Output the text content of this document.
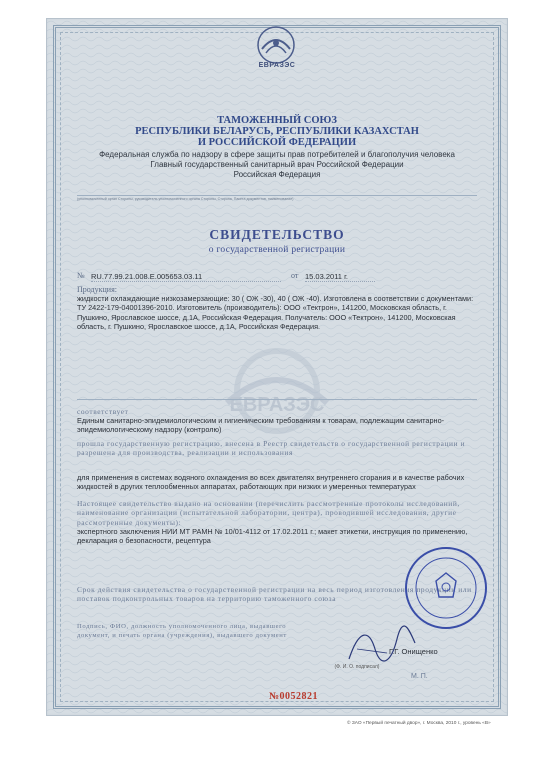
ЕВРАЗЭС
ТАМОЖЕННЫЙ СОЮЗ
РЕСПУБЛИКИ БЕЛАРУСЬ, РЕСПУБЛИКИ КАЗАХСТАН
И РОССИЙСКОЙ ФЕДЕРАЦИИ
Федеральная служба по надзору в сфере защиты прав потребителей и благополучия человека
Главный государственный санитарный врач Российской Федерации
Российская Федерация
(уполномоченный орган Стороны, руководитель уполномоченного органа Стороны, Сторона, Пакета документов, наименование)
СВИДЕТЕЛЬСТВО
о государственной регистрации
№ RU.77.99.21.008.Е.005653.03.11	от 15.03.2011 г.
Продукция:
жидкости охлаждающие низкозамерзающие: 30 ( ОЖ -30), 40 ( ОЖ -40). Изготовлена в соответствии с документами: ТУ 2422-179-04001396-2010. Изготовитель (производитель): ООО «Тектрон», 141200, Московская область, г. Пушкино, Ярославское шоссе, д.1А, Российская Федерация. Получатель: ООО «Тектрон», 141200, Московская область, г. Пушкино, Ярославское шоссе, д.1А, Российская Федерация.
ЕВРАЗЭС
соответствует
Единым санитарно-эпидемиологическим и гигиеническим требованиям к товарам, подлежащим санитарно-эпидемиологическому надзору (контролю)
прошла государственную регистрацию, внесена в Реестр свидетельств о государственной регистрации и разрешена для производства, реализации и использования
для применения в системах водяного охлаждения во всех двигателях внутреннего сгорания и в качестве рабочих жидкостей в других теплообменных аппаратах, работающих при низких и умеренных температурах
Настоящее свидетельство выдано на основании (перечислить рассмотренные протоколы исследований, наименование организации (испытательной лаборатории, центра), проводившей исследования, другие рассмотренные документы):
экспертного заключения НИИ МТ РАМН № 10/01-4112 от 17.02.2011 г.; макет этикетки, инструкция по применению, декларация о безопасности, рецептура
Срок действия свидетельства о государственной регистрации на весь период изготовления продукции или поставок подконтрольных товаров на территорию таможенного союза
Подпись, ФИО, должность уполномоченного лица, выдавшего документ, и печать органа (учреждения), выдавшего документ
Г.Г. Онищенко
(Ф. И. О. подписал)
М. П.
№0052821
© ЗАО «Первый печатный двор», г. Москва, 2010 г., уровень «В»
